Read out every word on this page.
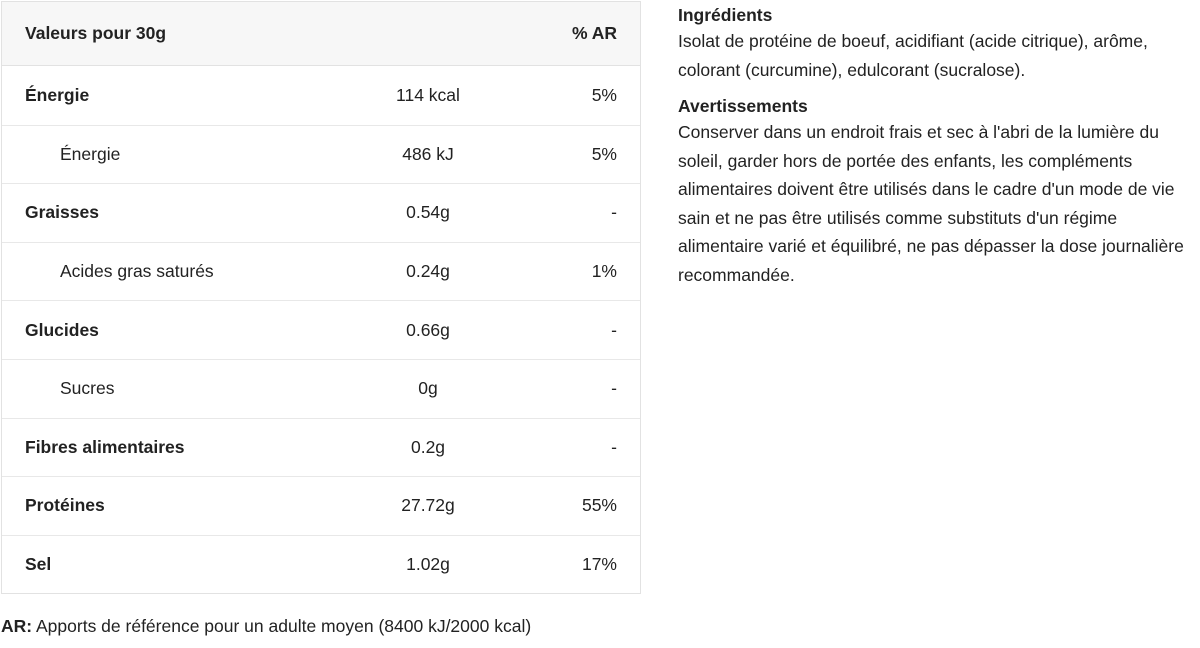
Valeurs pour 30g	% AR
Énergie	114 kcal	5%
Énergie	486 kJ	5%
Graisses	0.54g	-
Acides gras saturés	0.24g	1%
Glucides	0.66g	-
Sucres	0g	-
Fibres alimentaires	0.2g	-
Protéines	27.72g	55%
Sel	1.02g	17%
AR: Apports de référence pour un adulte moyen (8400 kJ/2000 kcal)
Ingrédients

Isolat de protéine de boeuf, acidifiant (acide citrique), arôme, colorant (curcumine), edulcorant (sucralose).

Avertissements

Conserver dans un endroit frais et sec à l'abri de la lumière du soleil, garder hors de portée des enfants, les compléments alimentaires doivent être utilisés dans le cadre d'un mode de vie sain et ne pas être utilisés comme substituts d'un régime alimentaire varié et équilibré, ne pas dépasser la dose journalière recommandée.
